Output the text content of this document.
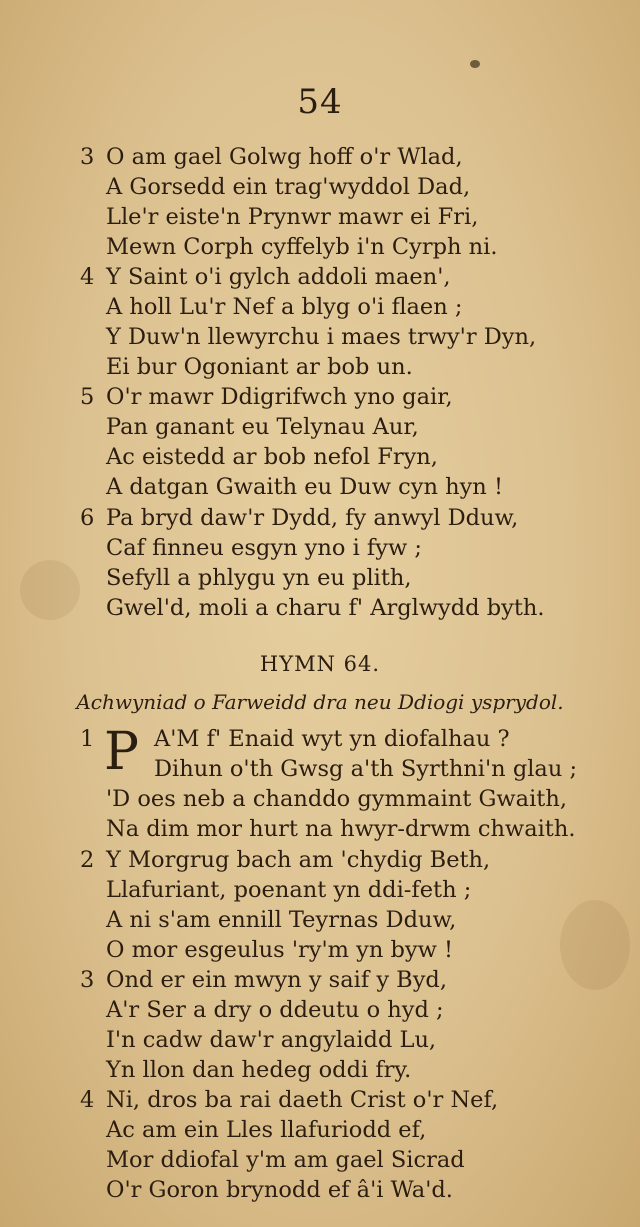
54
3 O am gael Golwg hoff o'r Wlad,
A Gorsedd ein trag'wyddol Dad,
Lle'r eiste'n Prynwr mawr ei Fri,
Mewn Corph cyffelyb i'n Cyrph ni.
4 Y Saint o'i gylch addoli maen',
A holl Lu'r Nef a blyg o'i flaen ;
Y Duw'n llewyrchu i maes trwy'r Dyn,
Ei bur Ogoniant ar bob un.
5 O'r mawr Ddigrifwch yno gair,
Pan ganant eu Telynau Aur,
Ac eistedd ar bob nefol Fryn,
A datgan Gwaith eu Duw cyn hyn !
6 Pa bryd daw'r Dydd, fy anwyl Dduw,
Caf finneu esgyn yno i fyw ;
Sefyll a phlygu yn eu plith,
Gwel'd, moli a charu f' Arglwydd byth.
HYMN 64.
Achwyniad o Farweidd dra neu Ddiogi ysprydol.
P
1	A'M f' Enaid wyt yn diofalhau ?
Dihun o'th Gwsg a'th Syrthni'n glau ;
'D oes neb a chanddo gymmaint Gwaith,
Na dim mor hurt na hwyr-drwm chwaith.
2 Y Morgrug bach am 'chydig Beth,
Llafuriant, poenant yn ddi-feth ;
A ni s'am ennill Teyrnas Dduw,
O mor esgeulus 'ry'm yn byw !
3 Ond er ein mwyn y saif y Byd,
A'r Ser a dry o ddeutu o hyd ;
I'n cadw daw'r angylaidd Lu,
Yn llon dan hedeg oddi fry.
4 Ni, dros ba rai daeth Crist o'r Nef,
Ac am ein Lles llafuriodd ef,
Mor ddiofal y'm am gael Sicrad
O'r Goron brynodd ef â'i Wa'd.
